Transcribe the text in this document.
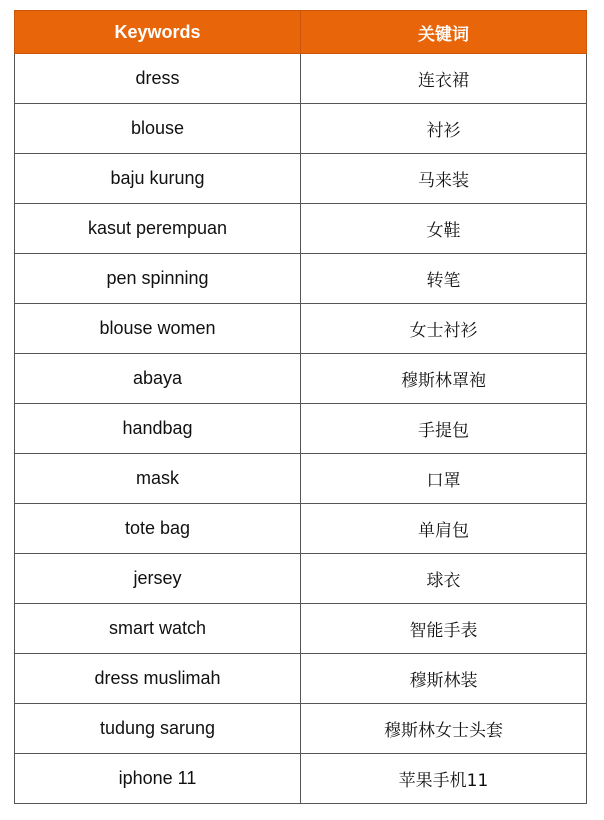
Keywords	关键词
dress	连衣裙
blouse	衬衫
baju kurung	马来装
kasut perempuan	女鞋
pen spinning	转笔
blouse women	女士衬衫
abaya	穆斯林罩袍
handbag	手提包
mask	口罩
tote bag	单肩包
jersey	球衣
smart watch	智能手表
dress muslimah	穆斯林装
tudung sarung	穆斯林女士头套
iphone 11	苹果手机11
